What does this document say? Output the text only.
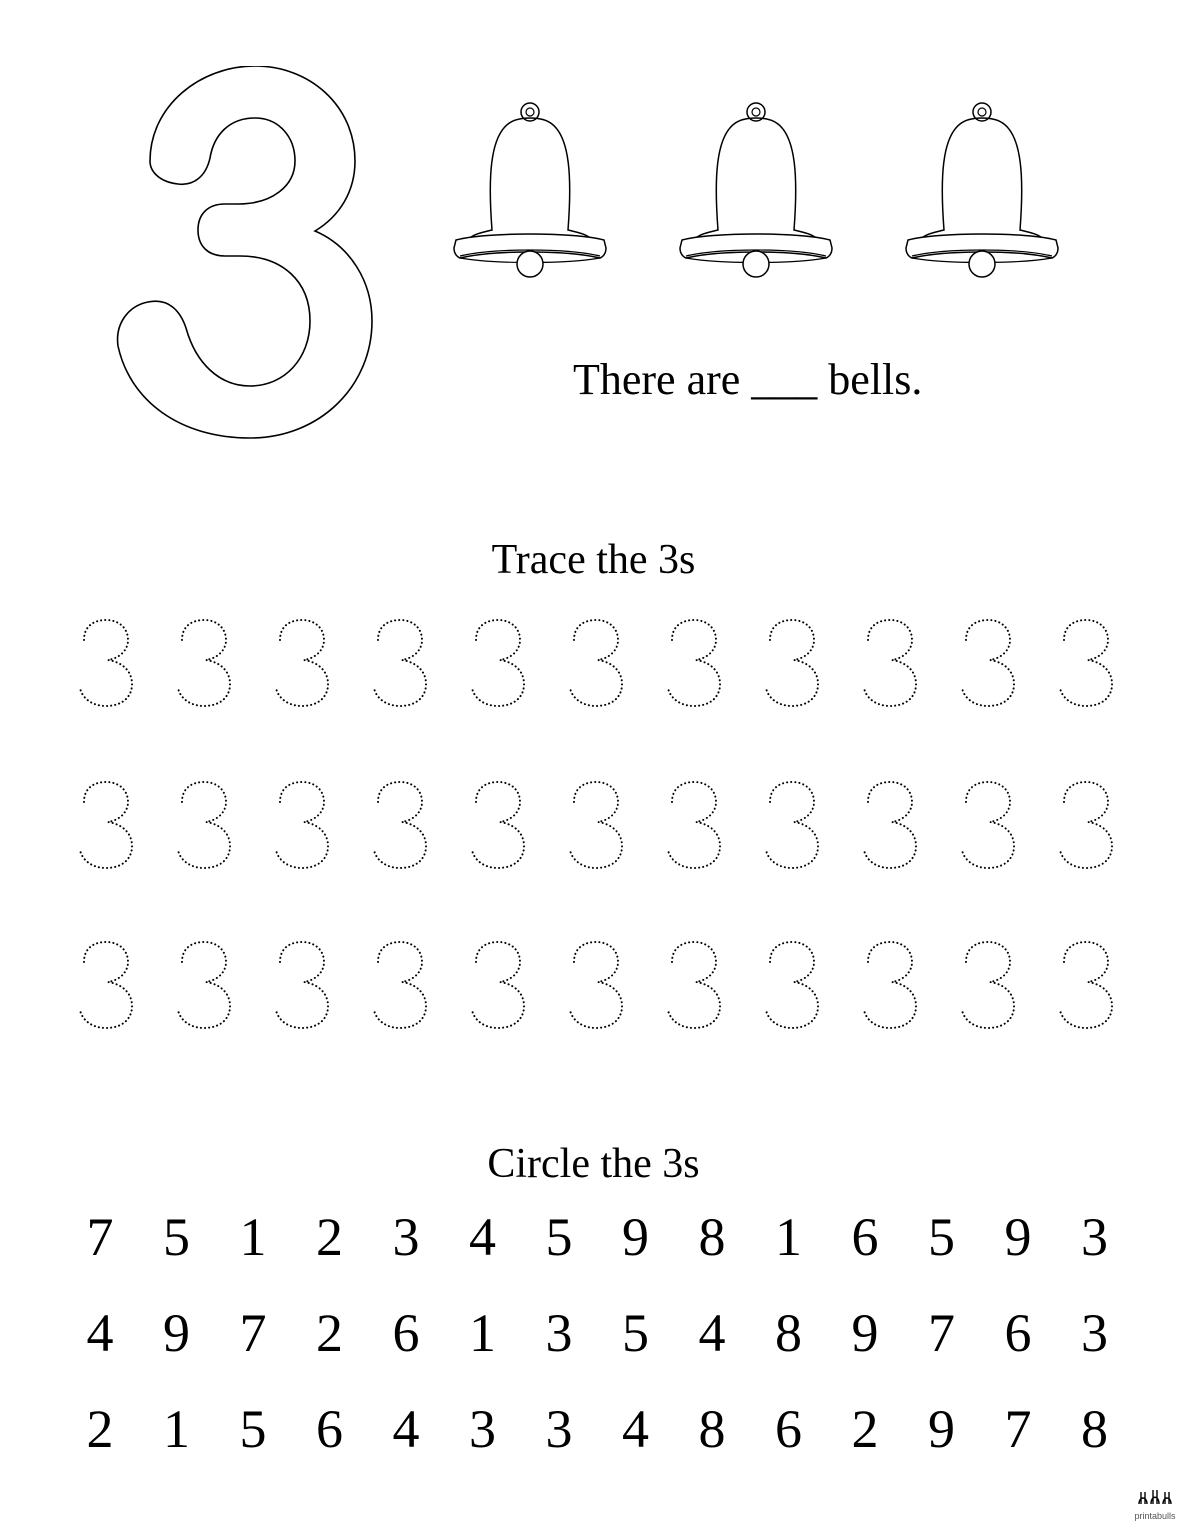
There are ___ bells.
Trace the 3s
Circle the 3s
7 5 1 2 3 4 5 9 8 1 6 5 9 3
4 9 7 2 6 1 3 5 4 8 9 7 6 3
2 1 5 6 4 3 3 4 8 6 2 9 7 8
printabulls
